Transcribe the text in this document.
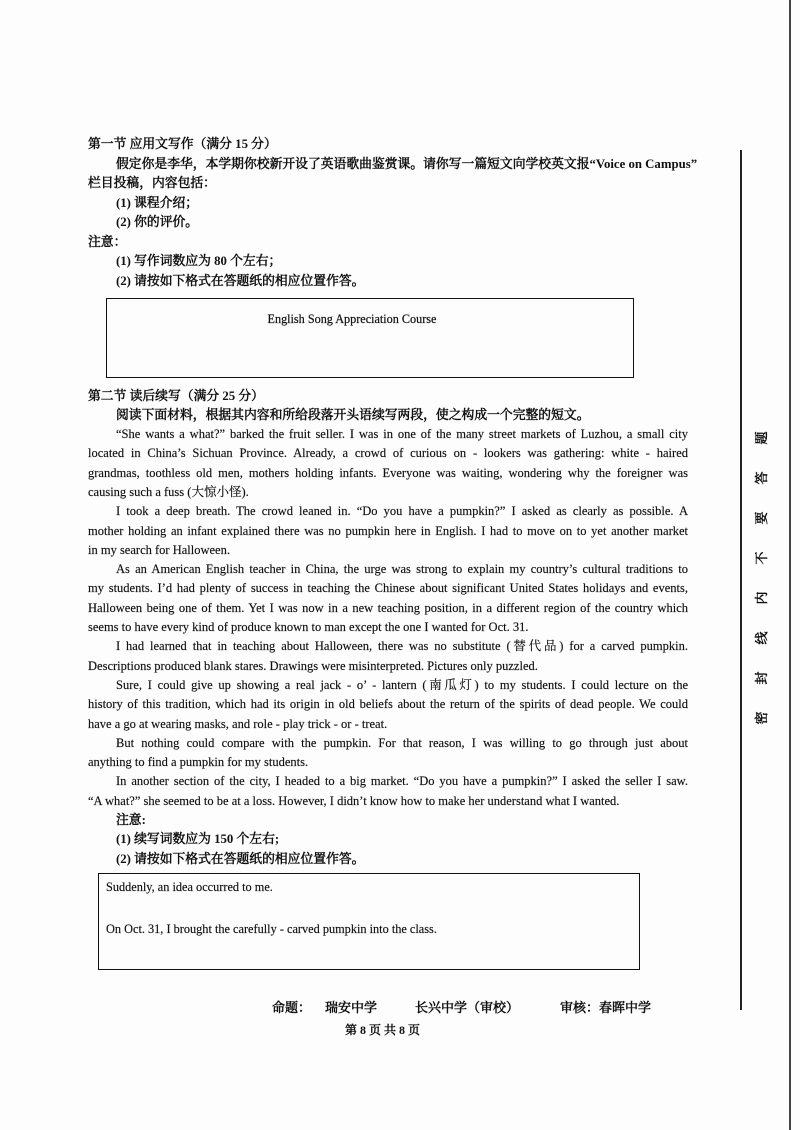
第一节 应用文写作（满分 15 分）
假定你是李华，本学期你校新开设了英语歌曲鉴赏课。请你写一篇短文向学校英文报“Voice on Campus”
栏目投稿，内容包括：
(1) 课程介绍；
(2) 你的评价。
注意：
(1) 写作词数应为 80 个左右；
(2) 请按如下格式在答题纸的相应位置作答。
English Song Appreciation Course
第二节 读后续写（满分 25 分）
阅读下面材料，根据其内容和所给段落开头语续写两段，使之构成一个完整的短文。
“She wants a what?” barked the fruit seller. I was in one of the many street markets of Luzhou, a small city
located in China’s Sichuan Province. Already, a crowd of curious on - lookers was gathering: white - haired
grandmas, toothless old men, mothers holding infants. Everyone was waiting, wondering why the foreigner was
causing such a fuss (大惊小怪).
I took a deep breath. The crowd leaned in. “Do you have a pumpkin?” I asked as clearly as possible. A
mother holding an infant explained there was no pumpkin here in English. I had to move on to yet another market
in my search for Halloween.
As an American English teacher in China, the urge was strong to explain my country’s cultural traditions to
my students. I’d had plenty of success in teaching the Chinese about significant United States holidays and events,
Halloween being one of them. Yet I was now in a new teaching position, in a different region of the country which
seems to have every kind of produce known to man except the one I wanted for Oct. 31.
I had learned that in teaching about Halloween, there was no substitute (替代品) for a carved pumpkin.
Descriptions produced blank stares. Drawings were misinterpreted. Pictures only puzzled.
Sure, I could give up showing a real jack - o’ - lantern (南瓜灯) to my students. I could lecture on the
history of this tradition, which had its origin in old beliefs about the return of the spirits of dead people. We could
have a go at wearing masks, and role - play trick - or - treat.
But nothing could compare with the pumpkin. For that reason, I was willing to go through just about
anything to find a pumpkin for my students.
In another section of the city, I headed to a big market. “Do you have a pumpkin?” I asked the seller I saw.
“A what?” she seemed to be at a loss. However, I didn’t know how to make her understand what I wanted.
注意:
(1) 续写词数应为 150 个左右;
(2) 请按如下格式在答题纸的相应位置作答。
Suddenly, an idea occurred to me.
On Oct. 31, I brought the carefully - carved pumpkin into the class.
命题： 瑞安中学	长兴中学（审校）	审核：春晖中学
第 8 页 共 8 页
密封线内不要答题
